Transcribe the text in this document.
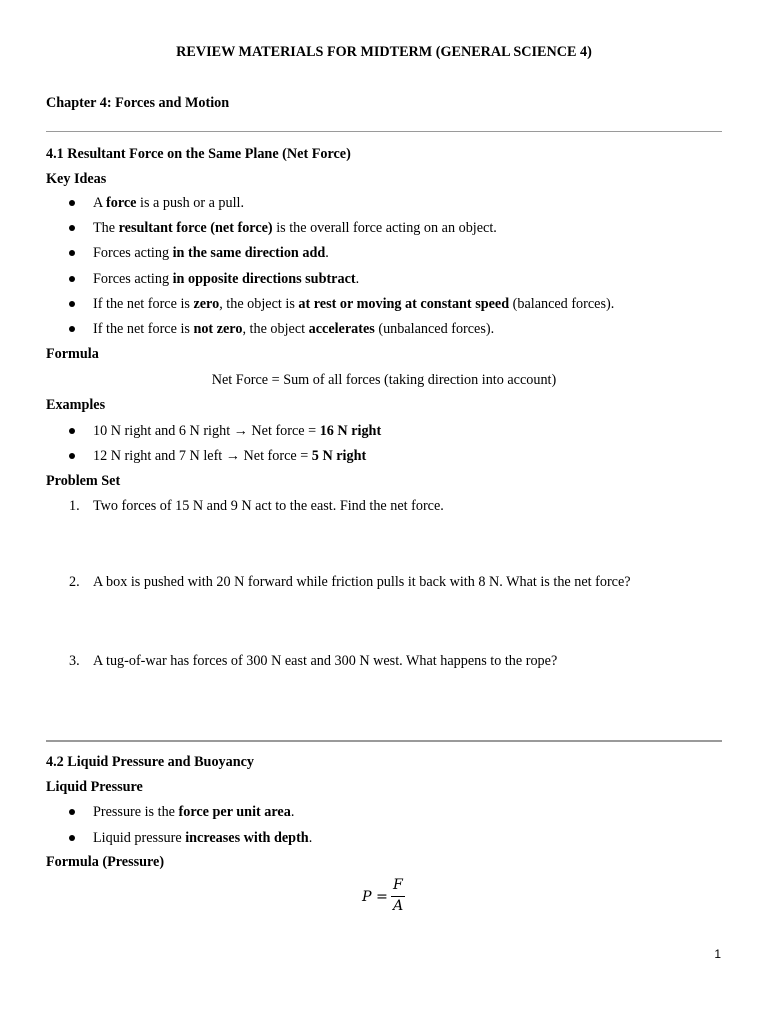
REVIEW MATERIALS FOR MIDTERM (GENERAL SCIENCE 4)
Chapter 4: Forces and Motion
4.1 Resultant Force on the Same Plane (Net Force)
Key Ideas
A force is a push or a pull.
The resultant force (net force) is the overall force acting on an object.
Forces acting in the same direction add.
Forces acting in opposite directions subtract.
If the net force is zero, the object is at rest or moving at constant speed (balanced forces).
If the net force is not zero, the object accelerates (unbalanced forces).
Formula
Net Force = Sum of all forces (taking direction into account)
Examples
10 N right and 6 N right → Net force = 16 N right
12 N right and 7 N left → Net force = 5 N right
Problem Set
1. Two forces of 15 N and 9 N act to the east. Find the net force.
2. A box is pushed with 20 N forward while friction pulls it back with 8 N. What is the net force?
3. A tug-of-war has forces of 300 N east and 300 N west. What happens to the rope?
4.2 Liquid Pressure and Buoyancy
Liquid Pressure
Pressure is the force per unit area.
Liquid pressure increases with depth.
Formula (Pressure)
P =
F
A
1
